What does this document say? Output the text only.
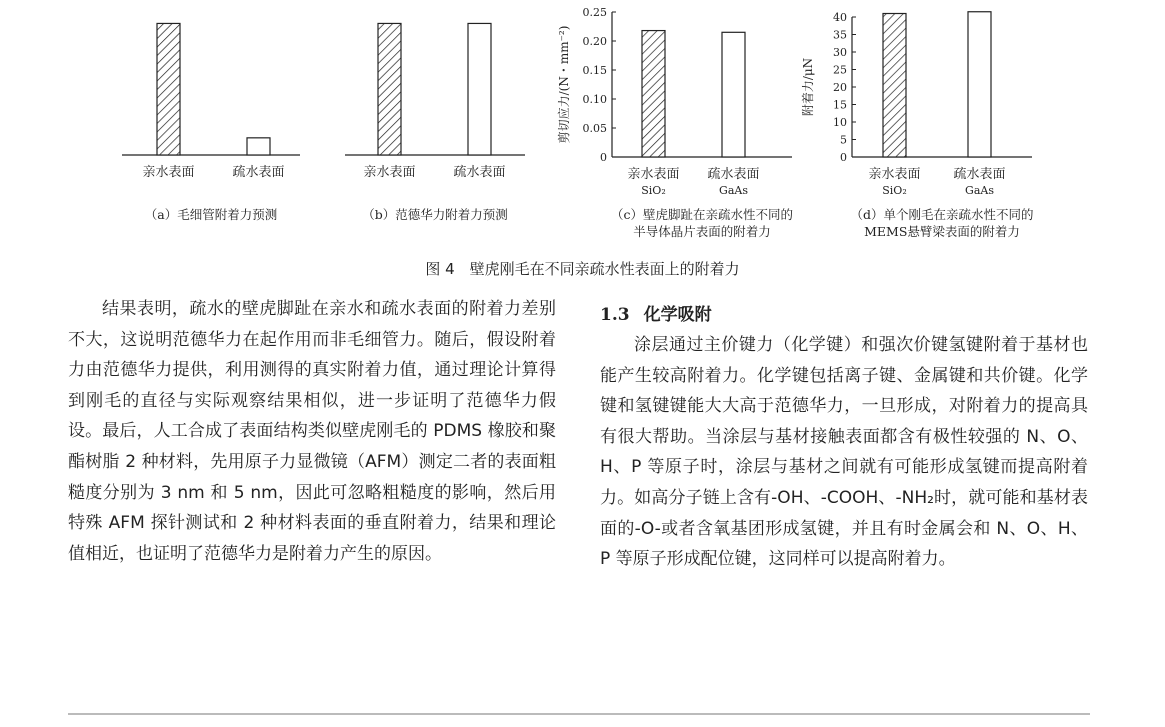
亲水表面	疏水表面
（a）毛细管附着力预测
亲水表面	疏水表面
（b）范德华力附着力预测
0
0.05
0.10
0.15
0.20
0.25
剪切应力/(N・mm⁻²)
亲水表面
SiO₂
疏水表面
GaAs
（c）壁虎脚趾在亲疏水性不同的
半导体晶片表面的附着力
0
5
10
15
20
25
30
35
40
附着力/μN
亲水表面
SiO₂
疏水表面
GaAs
（d）单个刚毛在亲疏水性不同的
MEMS悬臂梁表面的附着力
图 4　壁虎刚毛在不同亲疏水性表面上的附着力

结果表明，疏水的壁虎脚趾在亲水和疏水表面的附着力差别不大，这说明范德华力在起作用而非毛细管力。随后，假设附着力由范德华力提供，利用测得的真实附着力值，通过理论计算得到刚毛的直径与实际观察结果相似，进一步证明了范德华力假设。最后，人工合成了表面结构类似壁虎刚毛的 PDMS 橡胶和聚酯树脂 2 种材料，先用原子力显微镜（AFM）测定二者的表面粗糙度分别为 3 nm 和 5 nm，因此可忽略粗糙度的影响，然后用特殊 AFM 探针测试和 2 种材料表面的垂直附着力，结果和理论值相近，也证明了范德华力是附着力产生的原因。

1.3 化学吸附

涂层通过主价键力（化学键）和强次价键氢键附着于基材也能产生较高附着力。化学键包括离子键、金属键和共价键。化学键和氢键键能大大高于范德华力，一旦形成，对附着力的提高具有很大帮助。当涂层与基材接触表面都含有极性较强的 N、O、H、P 等原子时，涂层与基材之间就有可能形成氢键而提高附着力。如高分子链上含有-OH、-COOH、-NH₂时，就可能和基材表面的-O-或者含氧基团形成氢键，并且有时金属会和 N、O、H、P 等原子形成配位键，这同样可以提高附着力。
